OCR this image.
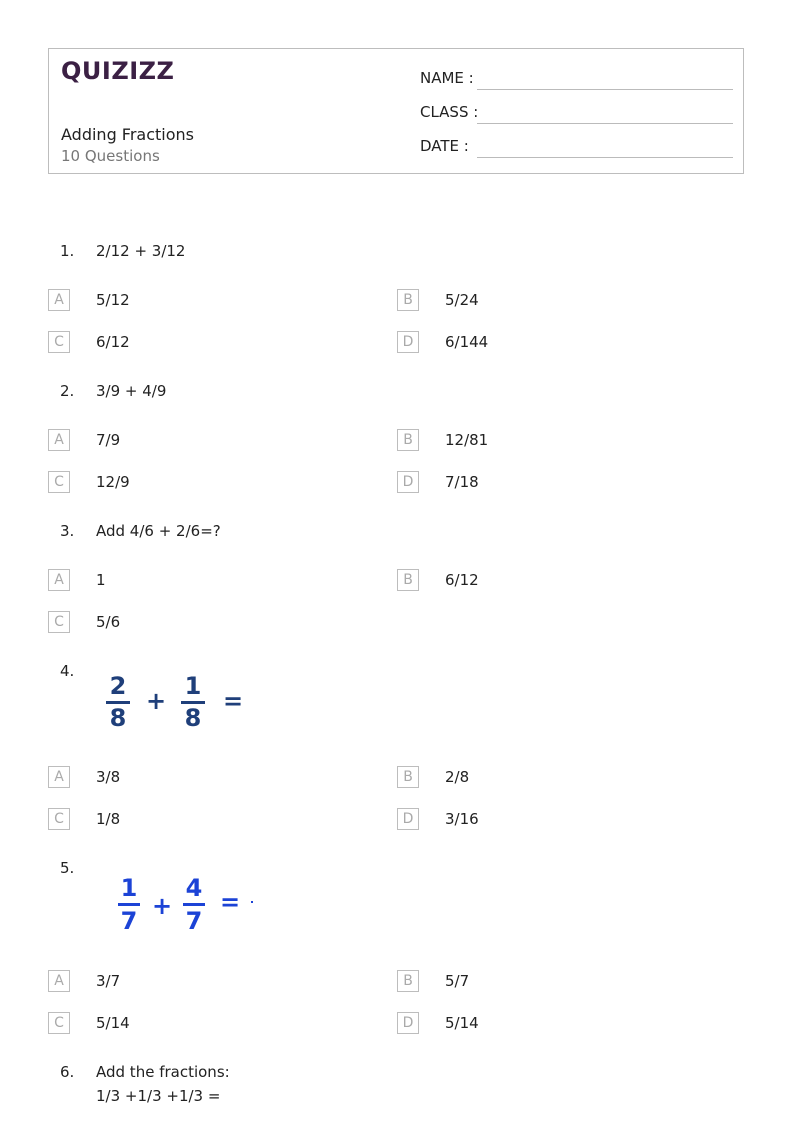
QUIZIZZ
Adding Fractions
10 Questions
NAME :
CLASS :
DATE :
1. 2/12 + 3/12
A	5/12	B	5/24
C	6/12	D	6/144
2. 3/9 + 4/9
A	7/9	B	12/81
C	12/9	D	7/18
3. Add 4/6 + 2/6=?
A	1	B	6/12
C	5/6
4.
2
8
+
1
8
=
A	3/8	B	2/8
C	1/8	D	3/16
5.
1
7
+
4
7
=
A	3/7	B	5/7
C	5/14	D	5/14
6. Add the fractions:
1/3 +1/3 +1/3 =
